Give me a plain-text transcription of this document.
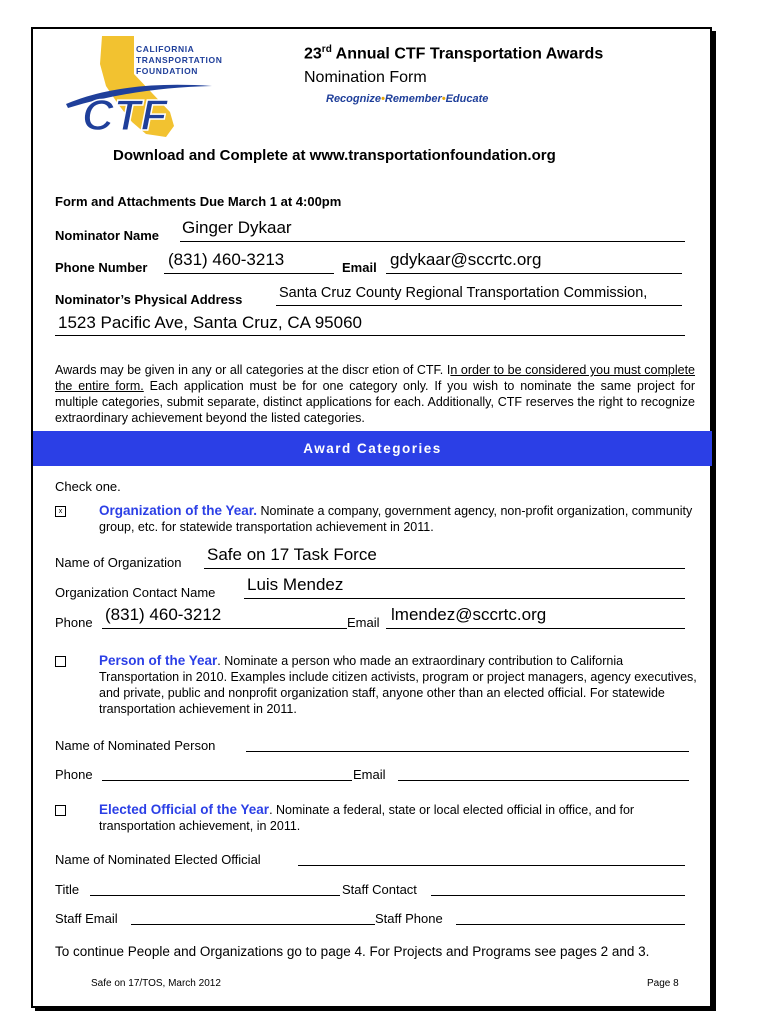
CTF
CALIFORNIA
TRANSPORTATION
FOUNDATION
23rd Annual CTF Transportation Awards
Nomination Form
Recognize•Remember•Educate
Download and Complete at www.transportationfoundation.org
Form and Attachments Due March 1 at 4:00pm
Nominator Name Ginger Dykaar
Phone Number (831) 460-3213	Email gdykaar@sccrtc.org
Nominator’s Physical Address	Santa Cruz County Regional Transportation Commission,
1523 Pacific Ave, Santa Cruz, CA 95060
Awards may be given in any or all categories at the discr etion of CTF. In order to be considered you must complete the entire form. Each application must be for one category only. If you wish to nominate the same project for multiple categories, submit separate, distinct applications for each. Additionally, CTF reserves the right to recognize extraordinary achievement beyond the listed categories.
Award Categories
Check one.
x	Organization of the Year. Nominate a company, government agency, non-profit organization, community group, etc. for statewide transportation achievement in 2011.
Name of Organization Safe on 17 Task Force
Organization Contact Name Luis Mendez
Phone (831) 460-3212	Email lmendez@sccrtc.org
Person of the Year. Nominate a person who made an extraordinary contribution to California Transportation in 2010. Examples include citizen activists, program or project managers, agency executives, and private, public and nonprofit organization staff, anyone other than an elected official. For statewide transportation achievement in 2011.
Name of Nominated Person
Phone	Email
Elected Official of the Year. Nominate a federal, state or local elected official in office, and for transportation achievement, in 2011.
Name of Nominated Elected Official
Title	Staff Contact
Staff Email	Staff Phone
To continue People and Organizations go to page 4. For Projects and Programs see pages 2 and 3.
Safe on 17/TOS, March 2012	Page 8
